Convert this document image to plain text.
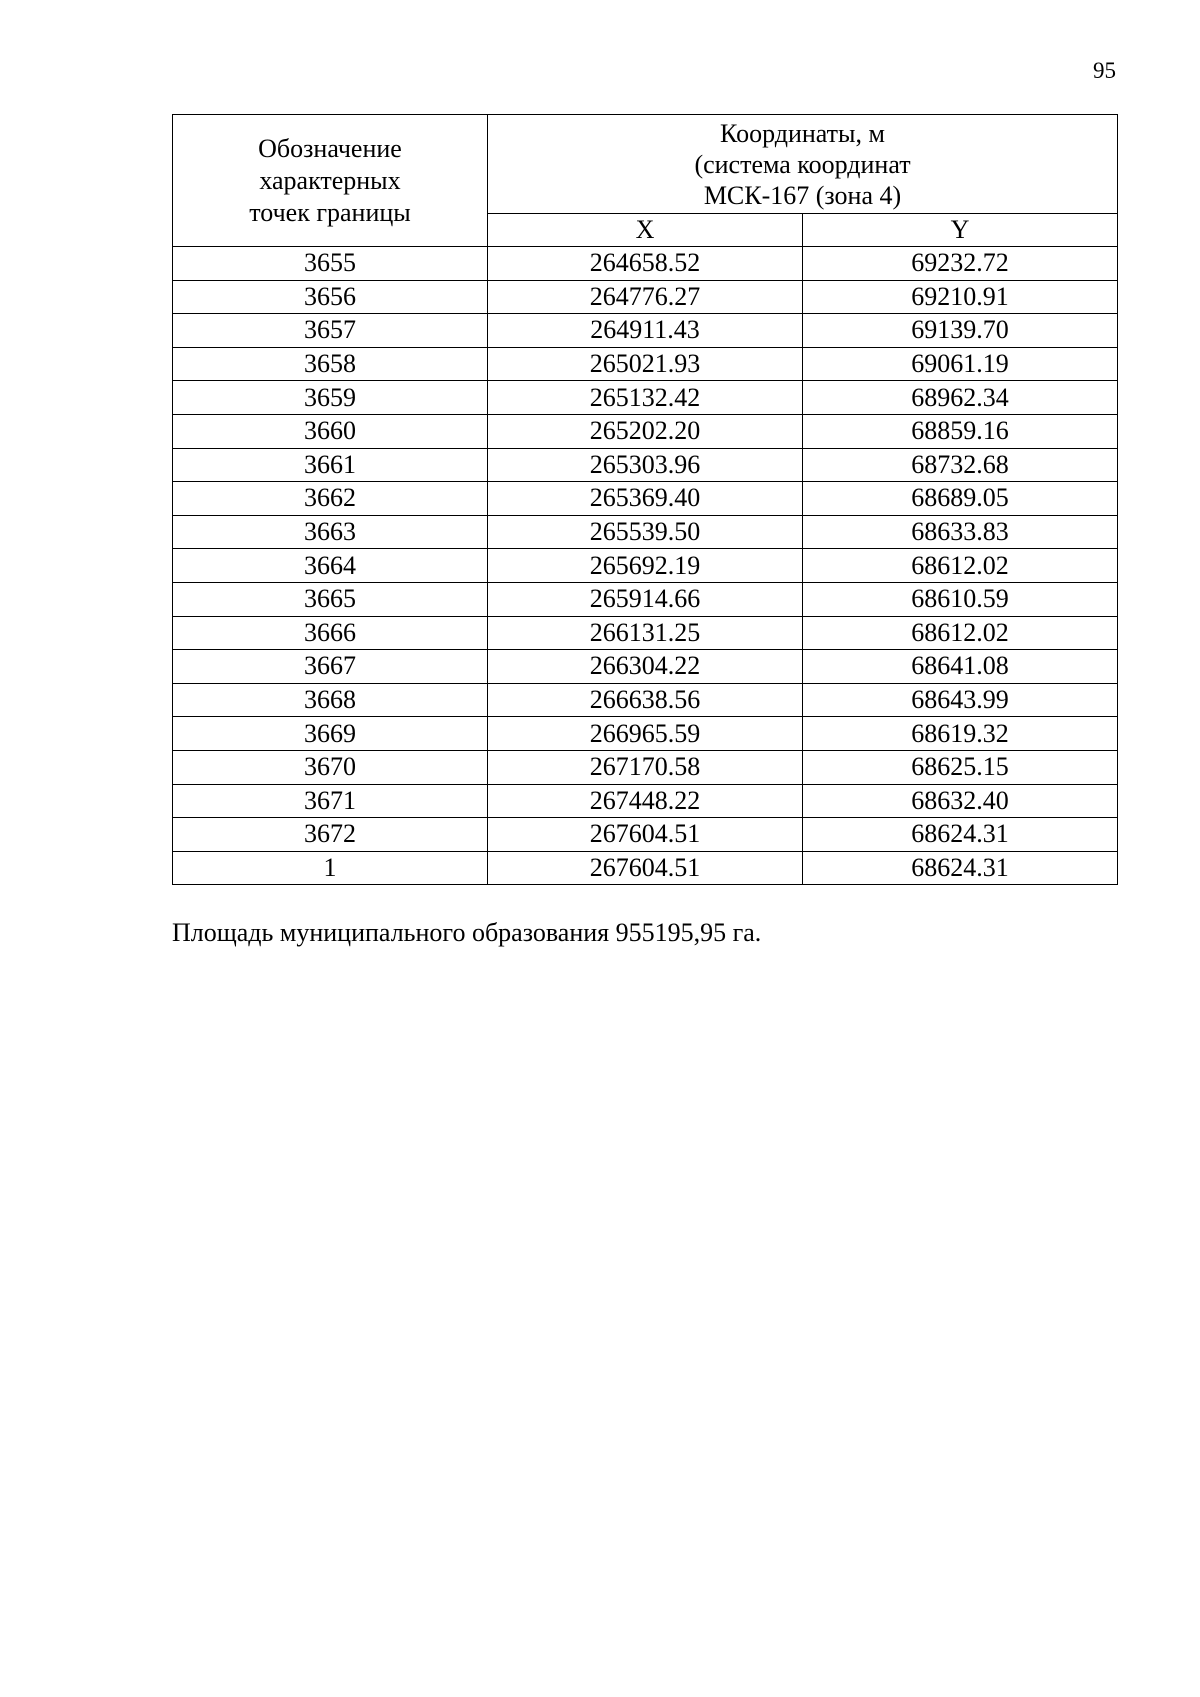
95
Обозначение
характерных
точек границы	Координаты, м
(система координат
МСК-167 (зона 4)	

	X	Y
3655	264658.52	69232.72
3656	264776.27	69210.91
3657	264911.43	69139.70
3658	265021.93	69061.19
3659	265132.42	68962.34
3660	265202.20	68859.16
3661	265303.96	68732.68
3662	265369.40	68689.05
3663	265539.50	68633.83
3664	265692.19	68612.02
3665	265914.66	68610.59
3666	266131.25	68612.02
3667	266304.22	68641.08
3668	266638.56	68643.99
3669	266965.59	68619.32
3670	267170.58	68625.15
3671	267448.22	68632.40
3672	267604.51	68624.31
1	267604.51	68624.31
Площадь муниципального образования 955195,95 га.
